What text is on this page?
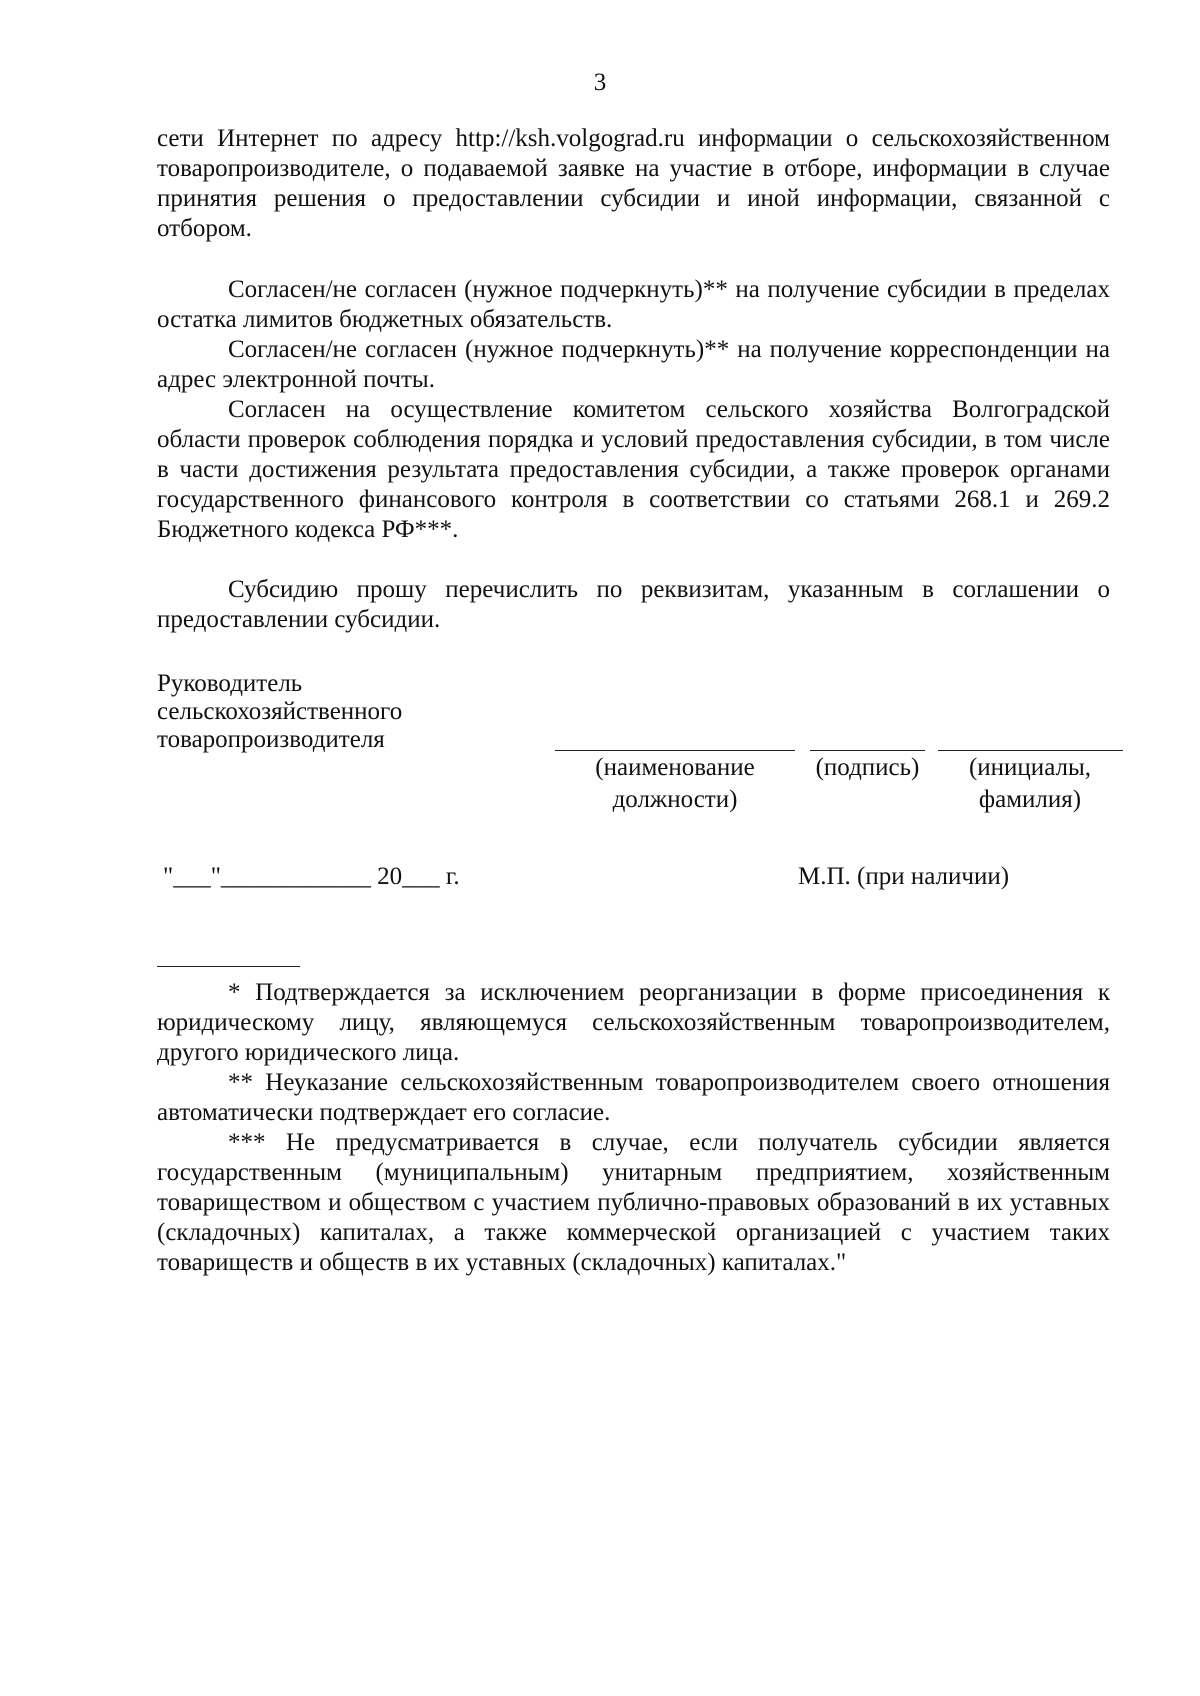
3

сети Интернет по адресу http://ksh.volgograd.ru информации о сельскохозяйственном товаропроизводителе, о подаваемой заявке на участие в отборе, информации в случае принятия решения о предоставлении субсидии и иной информации, связанной с отбором.

Согласен/не согласен (нужное подчеркнуть)** на получение субсидии в пределах остатка лимитов бюджетных обязательств.

Согласен/не согласен (нужное подчеркнуть)** на получение корреспонденции на адрес электронной почты.

Согласен на осуществление комитетом сельского хозяйства Волгоградской области проверок соблюдения порядка и условий предоставления субсидии, в том числе в части достижения результата предоставления субсидии, а также проверок органами государственного финансового контроля в соответствии со статьями 268.1 и 269.2 Бюджетного кодекса РФ***.

Субсидию прошу перечислить по реквизитам, указанным в соглашении о предоставлении субсидии.

Руководитель
сельскохозяйственного
товаропроизводителя
(наименование
должности)
(подпись)	(инициалы,
фамилия)
"___"____________ 20___ г.	М.П. (при наличии)

* Подтверждается за исключением реорганизации в форме присоединения к юридическому лицу, являющемуся сельскохозяйственным товаропроизводителем, другого юридического лица.

** Неуказание сельскохозяйственным товаропроизводителем своего отношения автоматически подтверждает его согласие.

*** Не предусматривается в случае, если получатель субсидии является государственным (муниципальным) унитарным предприятием, хозяйственным товариществом и обществом с участием публично-правовых образований в их уставных (складочных) капиталах, а также коммерческой организацией с участием таких товариществ и обществ в их уставных (складочных) капиталах."
